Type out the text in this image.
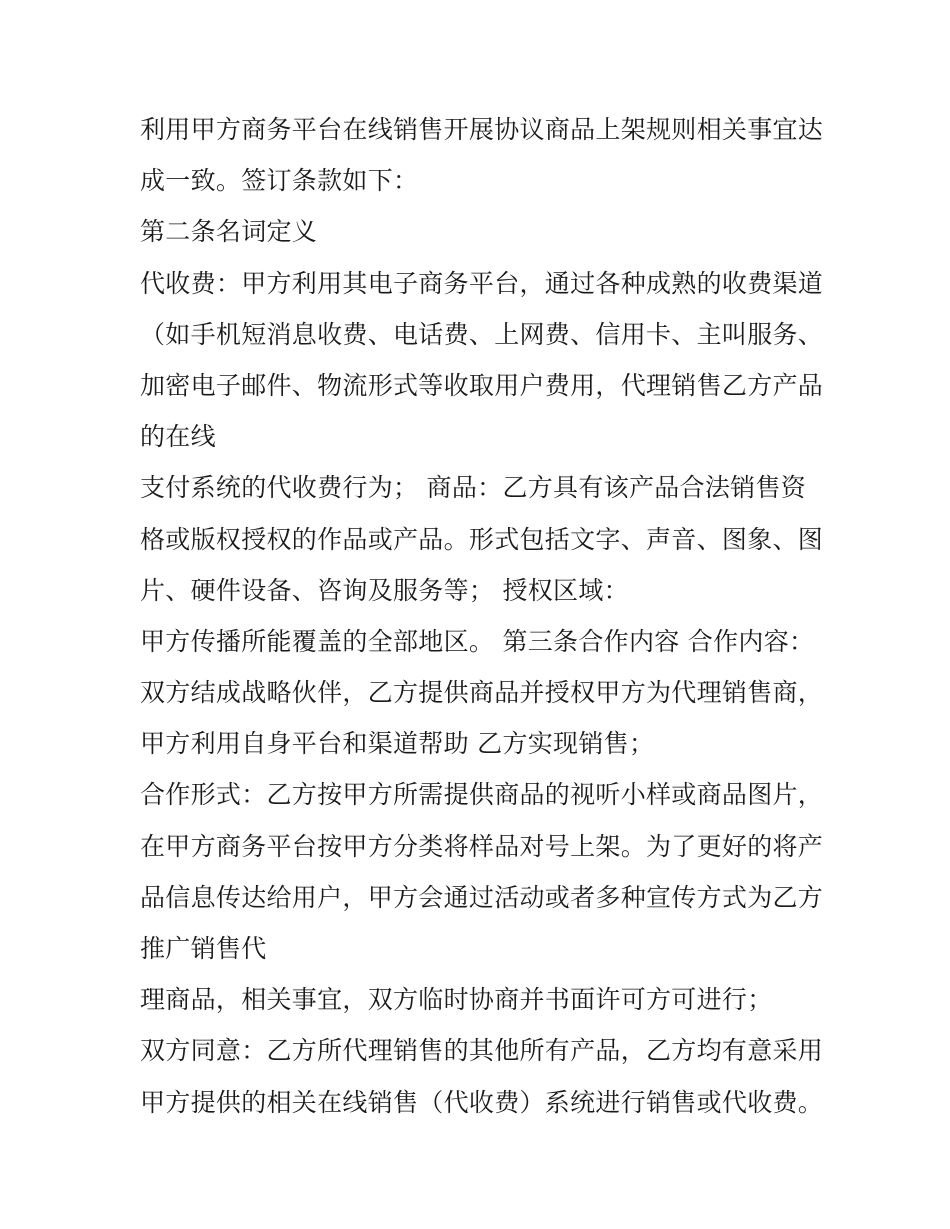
利用甲方商务平台在线销售开展协议商品上架规则相关事宜达
成一致。签订条款如下：
第二条名词定义
代收费：甲方利用其电子商务平台，通过各种成熟的收费渠道
（如手机短消息收费、电话费、上网费、信用卡、主叫服务、
加密电子邮件、物流形式等收取用户费用，代理销售乙方产品
的在线
支付系统的代收费行为； 商品：乙方具有该产品合法销售资
格或版权授权的作品或产品。形式包括文字、声音、图象、图
片、硬件设备、咨询及服务等； 授权区域：
甲方传播所能覆盖的全部地区。 第三条合作内容 合作内容：
双方结成战略伙伴，乙方提供商品并授权甲方为代理销售商，
甲方利用自身平台和渠道帮助 乙方实现销售；
合作形式：乙方按甲方所需提供商品的视听小样或商品图片，
在甲方商务平台按甲方分类将样品对号上架。为了更好的将产
品信息传达给用户，甲方会通过活动或者多种宣传方式为乙方
推广销售代
理商品，相关事宜，双方临时协商并书面许可方可进行；
双方同意：乙方所代理销售的其他所有产品，乙方均有意采用
甲方提供的相关在线销售（代收费）系统进行销售或代收费。
